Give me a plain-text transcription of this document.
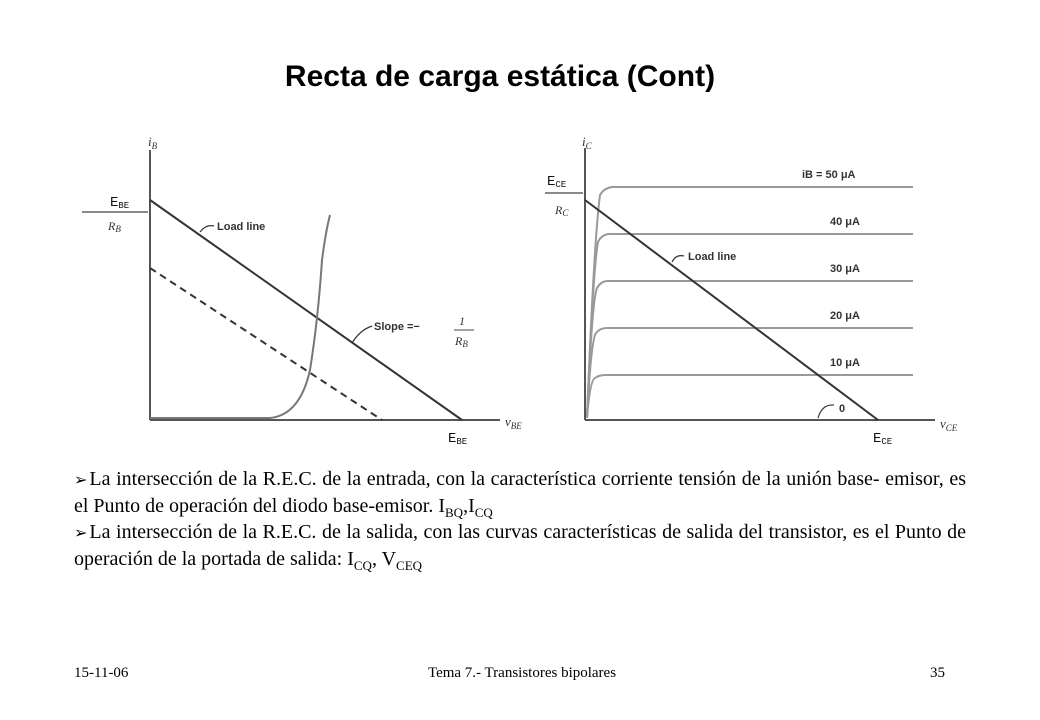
Recta de carga estática (Cont)
$i_B$
$v_{BE}$
EBE
RB	Load line
Slope =−	1
RB
EBE
$i_C$
$v_{CE}$
ECE
RC
iB = 50 μA
40 μA
30 μA
20 μA
10 μA
0
Load line
ECE

➢ La intersección de la R.E.C. de la entrada, con la característica corriente tensión de la unión base- emisor, es el Punto de operación del diodo base-emisor. $I_{BQ},I_{CQ}$

➢ La intersección de la R.E.C. de la salida, con las curvas características de salida del transistor, es el Punto de operación de la portada de salida: $I_{CQ}$, $V_{CEQ}$

15-11-06	Tema 7.- Transistores bipolares	35
